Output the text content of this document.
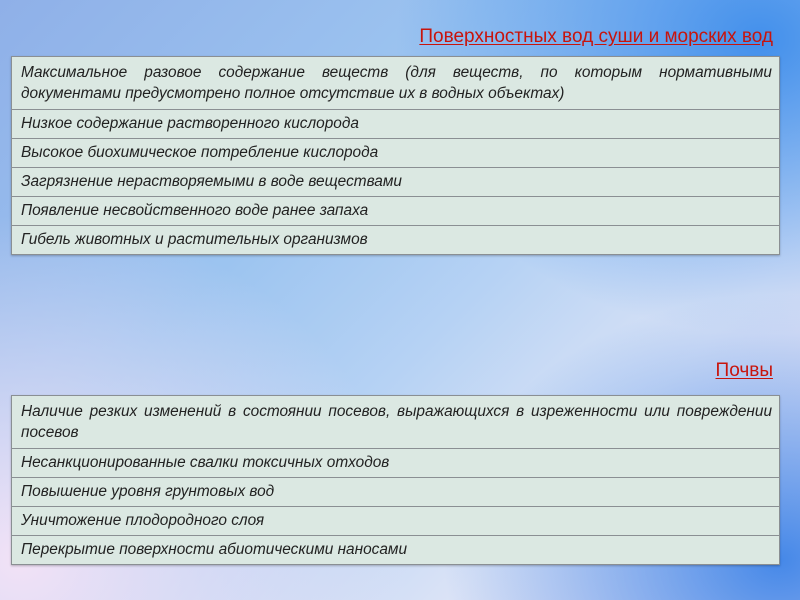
Поверхностных вод суши и морских вод
Максимальное разовое содержание веществ (для веществ, по которым нормативными документами предусмотрено полное отсутствие их в водных объектах)
Низкое содержание растворенного кислорода
Высокое биохимическое потребление кислорода
Загрязнение нерастворяемыми в воде веществами
Появление несвойственного воде ранее запаха
Гибель животных и растительных организмов
Почвы
Наличие резких изменений в состоянии посевов, выражающихся в изреженности или повреждении посевов
Несанкционированные свалки токсичных отходов
Повышение уровня грунтовых вод
Уничтожение плодородного слоя
Перекрытие поверхности абиотическими наносами
